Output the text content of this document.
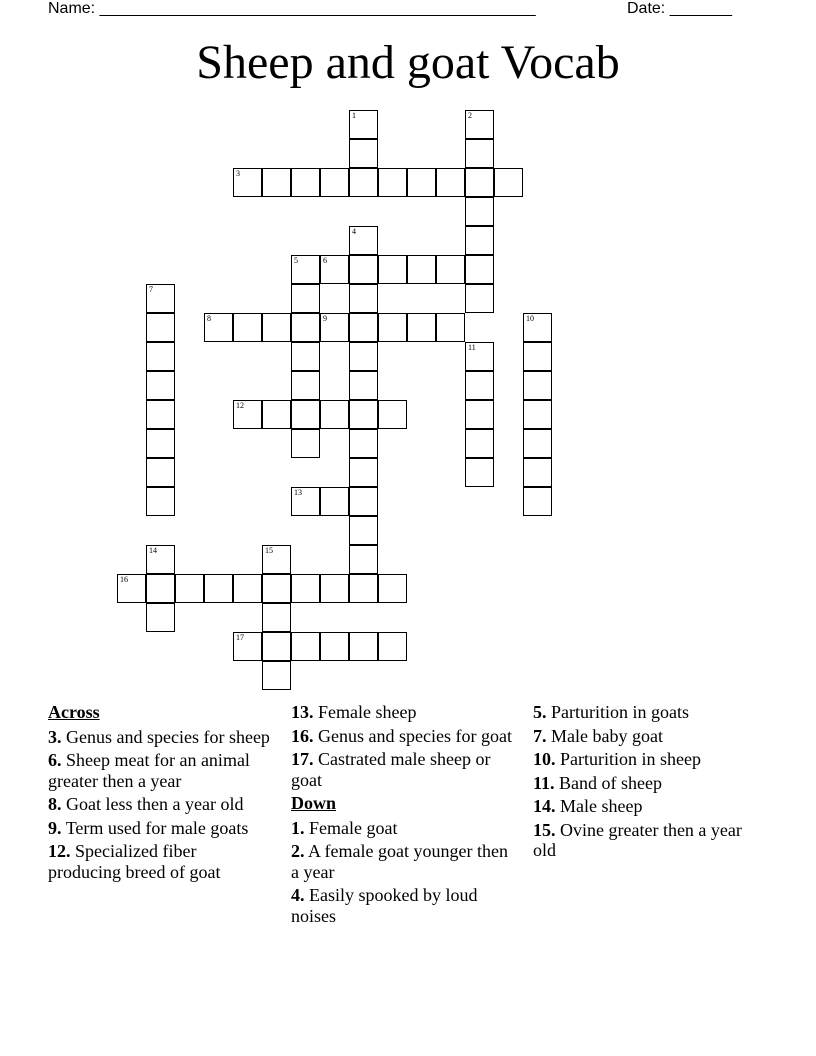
Name: _________________________________________________	Date: _______
Sheep and goat Vocab
1	2
3
4
5	6
7
8	9	10
11
12
13
14	15
16
17
Across
3. Genus and species for sheep
6. Sheep meat for an animal greater then a year
8. Goat less then a year old
9. Term used for male goats
12. Specialized fiber producing breed of goat
13. Female sheep
16. Genus and species for goat
17. Castrated male sheep or goat
Down
1. Female goat
2. A female goat younger then a year
4. Easily spooked by loud noises
5. Parturition in goats
7. Male baby goat
10. Parturition in sheep
11. Band of sheep
14. Male sheep
15. Ovine greater then a year old
